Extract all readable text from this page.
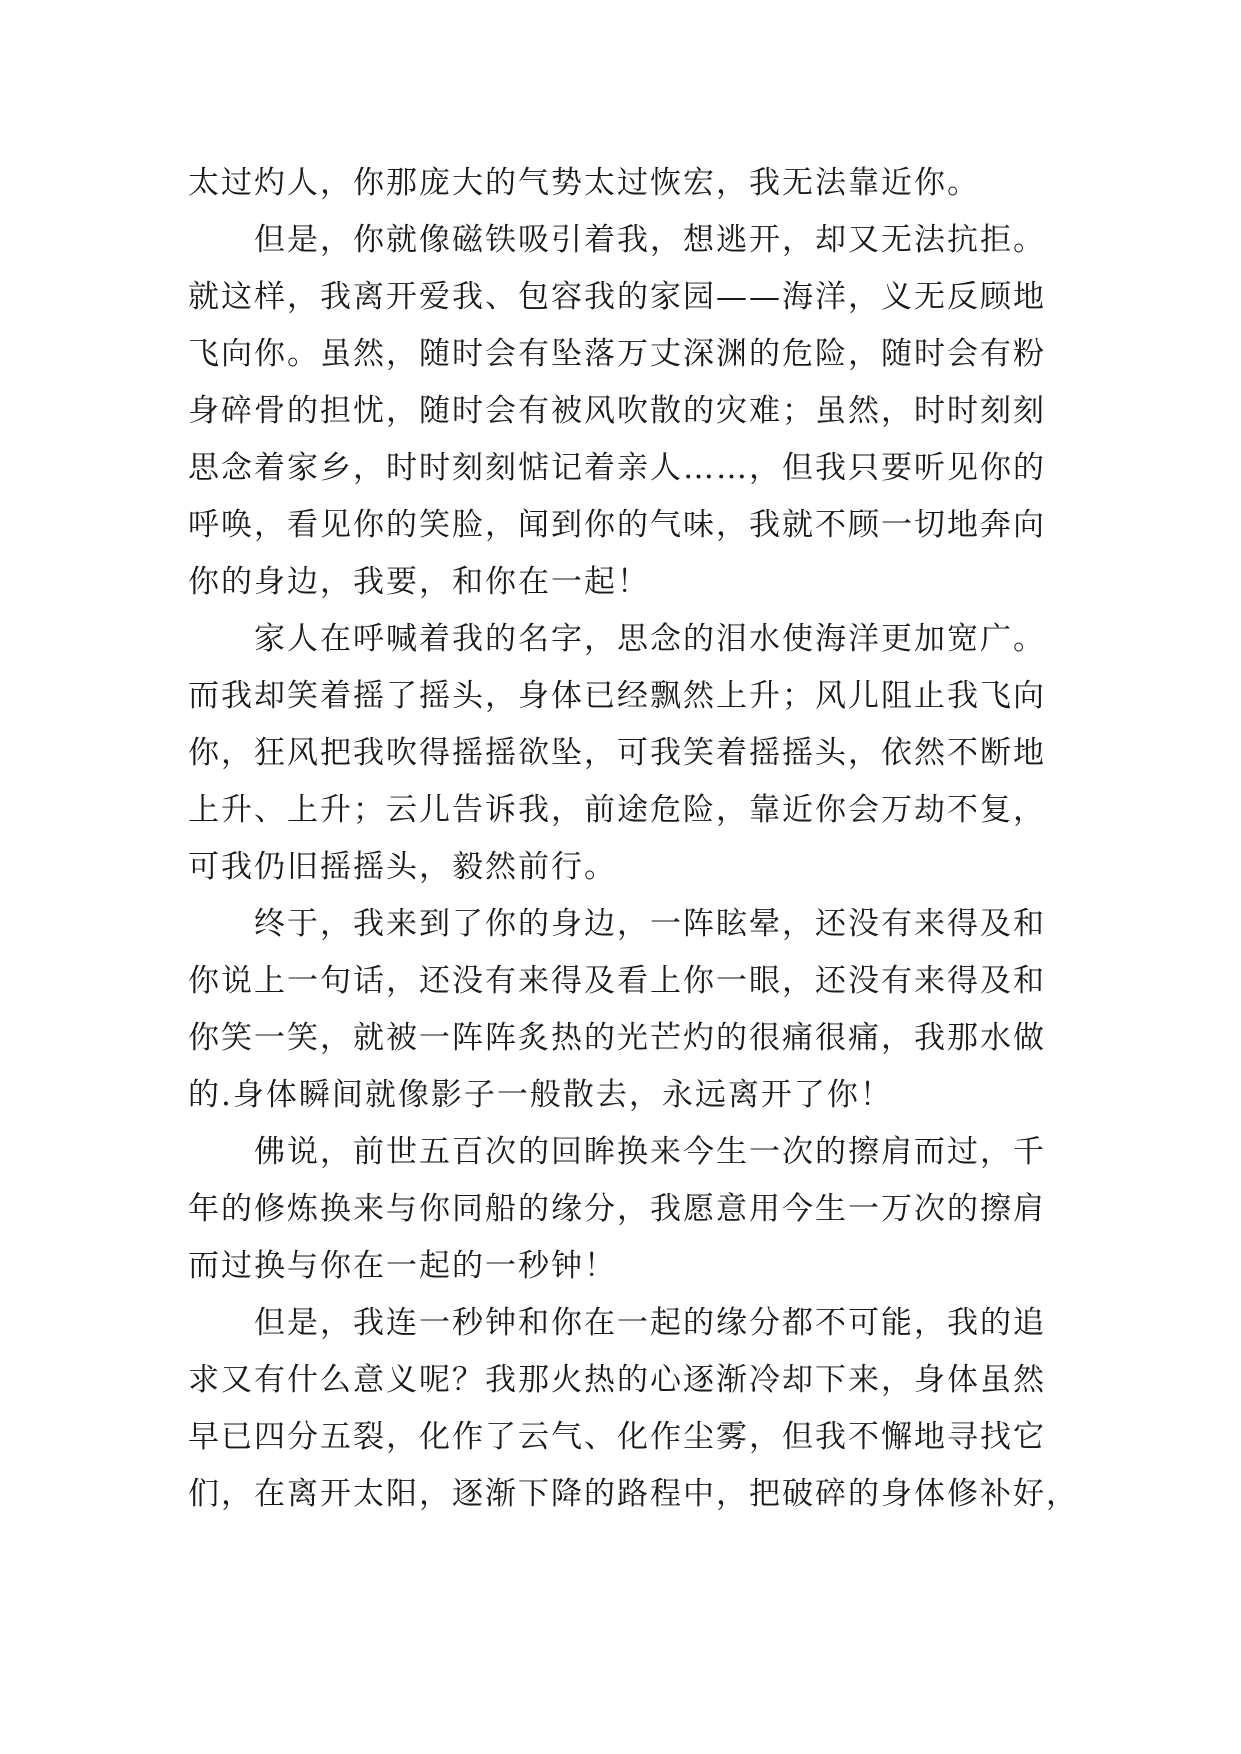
太过灼人，你那庞大的气势太过恢宏，我无法靠近你。
但是，你就像磁铁吸引着我，想逃开，却又无法抗拒。
就这样，我离开爱我、包容我的家园——海洋，义无反顾地
飞向你。虽然，随时会有坠落万丈深渊的危险，随时会有粉
身碎骨的担忧，随时会有被风吹散的灾难；虽然，时时刻刻
思念着家乡，时时刻刻惦记着亲人……，但我只要听见你的
呼唤，看见你的笑脸，闻到你的气味，我就不顾一切地奔向
你的身边，我要，和你在一起！
家人在呼喊着我的名字，思念的泪水使海洋更加宽广。
而我却笑着摇了摇头，身体已经飘然上升；风儿阻止我飞向
你，狂风把我吹得摇摇欲坠，可我笑着摇摇头，依然不断地
上升、上升；云儿告诉我，前途危险，靠近你会万劫不复，
可我仍旧摇摇头，毅然前行。
终于，我来到了你的身边，一阵眩晕，还没有来得及和
你说上一句话，还没有来得及看上你一眼，还没有来得及和
你笑一笑，就被一阵阵炙热的光芒灼的很痛很痛，我那水做
的.身体瞬间就像影子一般散去，永远离开了你！
佛说，前世五百次的回眸换来今生一次的擦肩而过，千
年的修炼换来与你同船的缘分，我愿意用今生一万次的擦肩
而过换与你在一起的一秒钟！
但是，我连一秒钟和你在一起的缘分都不可能，我的追
求又有什么意义呢？我那火热的心逐渐冷却下来，身体虽然
早已四分五裂，化作了云气、化作尘雾，但我不懈地寻找它
们，在离开太阳，逐渐下降的路程中，把破碎的身体修补好，
